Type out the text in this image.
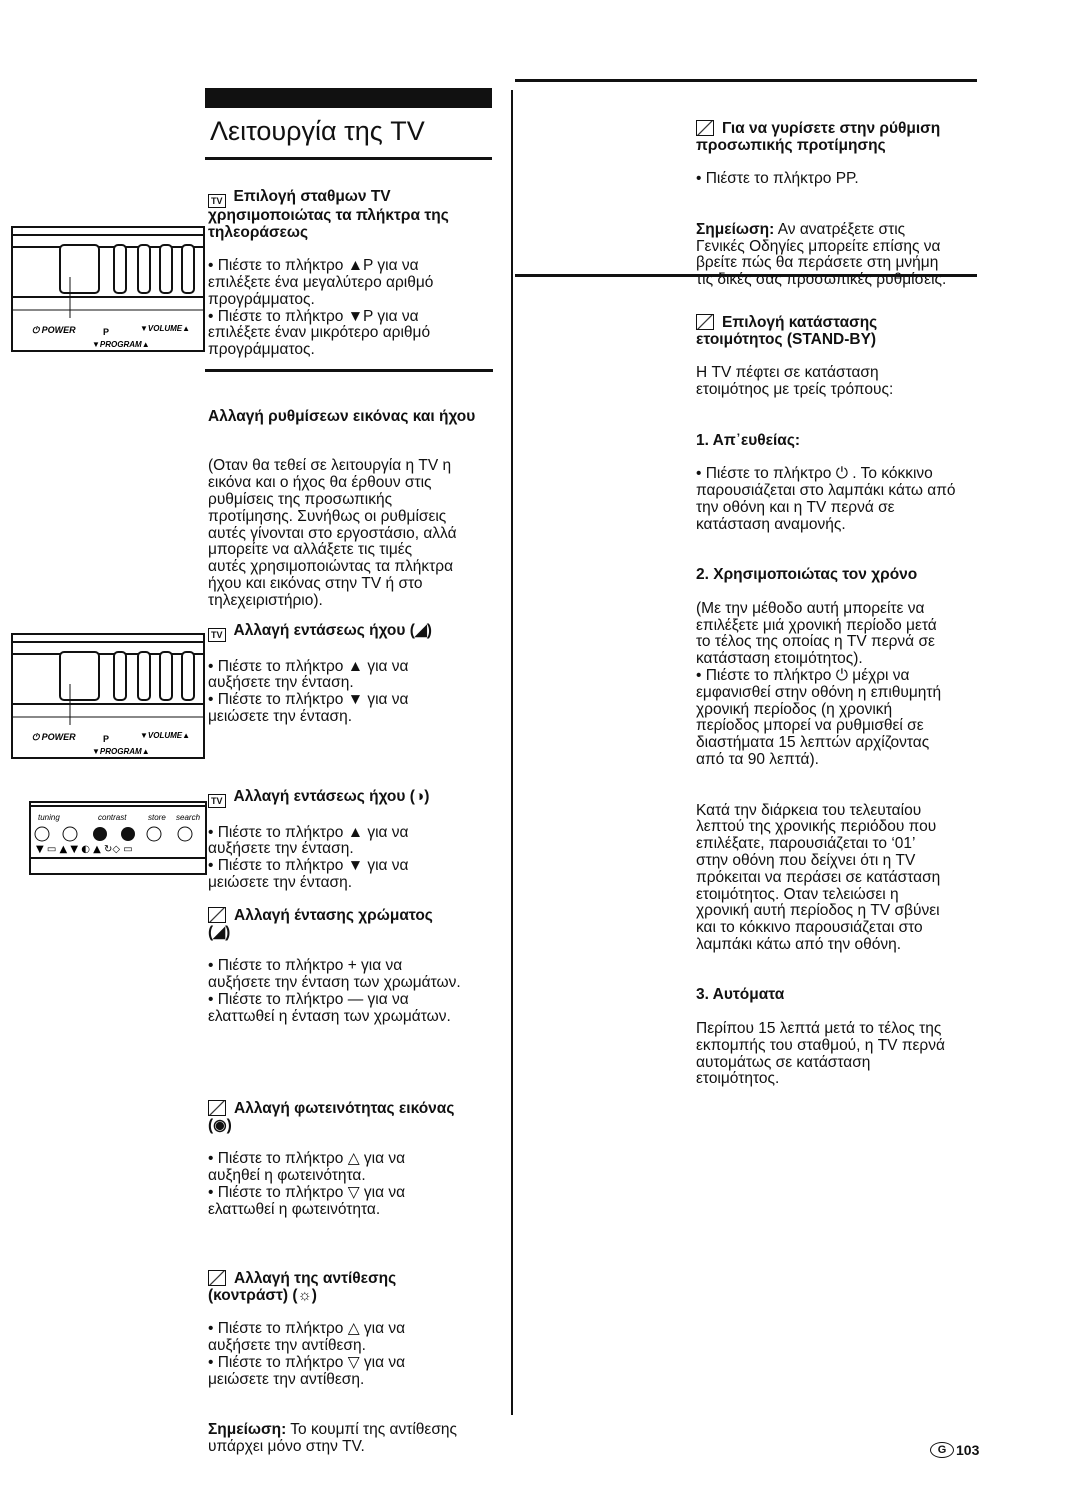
Λειτουργία της TV
⏻ POWER	P	▼VOLUME▲
▼PROGRAM▲
⏻ POWER	P	▼VOLUME▲
▼PROGRAM▲
tuning	contrast	store search
▼ ▭ ▲ ▼ ◐ ▲ ↻◇ ▭

TV Επιλογή σταθμων TV
χρησιμοποιώτας τα πλήκτρα της
τηλεοράσεως

• Πιέστε το πλήκτρο ▲P για να
επιλέξετε ένα μεγαλύτερο αριθμό
προγράμματος.
• Πιέστε το πλήκτρο ▼P για να
επιλέξετε έναν μικρότερο αριθμό
προγράμματος.

Αλλαγή ρυθμίσεων εικόνας και ήχου

(Οταν θα τεθεί σε λειτουργία η TV η
εικόνα και ο ήχος θα έρθουν στις
ρυθμίσεις της προσωπικής
προτίμησης. Συνήθως οι ρυθμίσεις
αυτές γίνονται στο εργοστάσιο, αλλά
μπορείτε να αλλάξετε τις τιμές
αυτές χρησιμοποιώντας τα πλήκτρα
ήχου και εικόνας στην TV ή στο
τηλεχειριστήριο).

TV Αλλαγή εντάσεως ήχου (◢)

• Πιέστε το πλήκτρο ▲ για να
αυξήσετε την ένταση.
• Πιέστε το πλήκτρο ▼ για να
μειώσετε την ένταση.

TV Αλλαγή εντάσεως ήχου (◑)

• Πιέστε το πλήκτρο ▲ για να
αυξήσετε την ένταση.
• Πιέστε το πλήκτρο ▼ για να
μειώσετε την ένταση.

Αλλαγή έντασης χρώματος
(◢)

• Πιέστε το πλήκτρο + για να
αυξήσετε την ένταση των χρωμάτων.
• Πιέστε το πλήκτρο — για να
ελαττωθεί η ένταση των χρωμάτων.

Αλλαγή φωτεινότητας εικόνας
(◉)

• Πιέστε το πλήκτρο △ για να
αυξηθεί η φωτεινότητα.
• Πιέστε το πλήκτρο ▽ για να
ελαττωθεί η φωτεινότητα.

Αλλαγή της αντίθεσης
(κοντράστ) (☼)

• Πιέστε το πλήκτρο △ για να
αυξήσετε την αντίθεση.
• Πιέστε το πλήκτρο ▽ για να
μειώσετε την αντίθεση.

Σημείωση: Το κουμπί της αντίθεσης
υπάρχει μόνο στην TV.

Για να γυρίσετε στην ρύθμιση
προσωπικής προτίμησης

• Πιέστε το πλήκτρο PP.

Σημείωση: Αν ανατρέξετε στις
Γενικές Οδηγίες μπορείτε επίσης να
βρείτε πώς θα περάσετε στη μνήμη
τις δικές σας προσωπικές ρυθμίσεις.

Επιλογή κατάστασης
ετοιμότητος (STAND-BY)

Η TV πέφτει σε κατάσταση
ετοιμότηος με τρείς τρόπους:

1. Απ᾽ευθείας:

• Πιέστε το πλήκτρο ⏻ . Το κόκκινο
παρουσιάζεται στο λαμπάκι κάτω από
την οθόνη και η TV περνά σε
κατάσταση αναμονής.

2. Χρησιμοποιώτας τον χρόνο

(Με την μέθοδο αυτή μπορείτε να
επιλέξετε μιά χρονική περίοδο μετά
το τέλος της οποίας η TV περνά σε
κατάσταση ετοιμότητος).
• Πιέστε το πλήκτρο ⏻ μέχρι να
εμφανισθεί στην οθόνη η επιθυμητή
χρονική περίοδος (η χρονική
περίοδος μπορεί να ρυθμισθεί σε
διαστήματα 15 λεπτών αρχίζοντας
από τα 90 λεπτά).

Κατά την διάρκεια του τελευταίου
λεπτού της χρονικής περιόδου που
επιλέξατε, παρουσιάζεται το ‘01’
στην οθόνη που δείχνει ότι η TV
πρόκειται να περάσει σε κατάσταση
ετοιμότητος. Οταν τελειώσει η
χρονική αυτή περίοδος η TV σβύνει
και το κόκκινο παρουσιάζεται στο
λαμπάκι κάτω από την οθόνη.

3. Αυτόματα

Περίπου 15 λεπτά μετά το τέλος της
εκπομπής του σταθμού, η TV περνά
αυτομάτως σε κατάσταση
ετοιμότητος.

G 103
